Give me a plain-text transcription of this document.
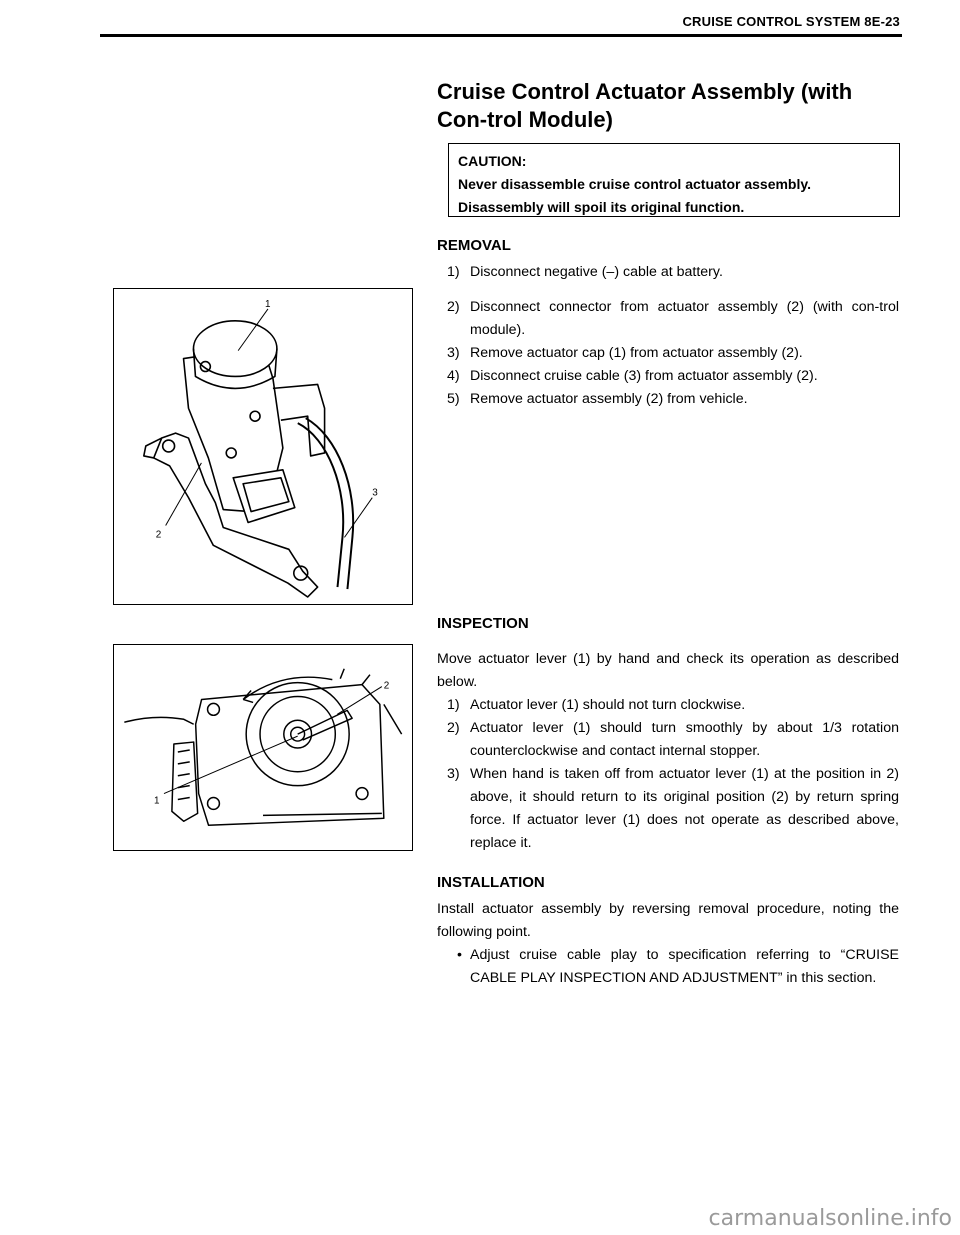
CRUISE CONTROL SYSTEM 8E-23
Cruise Control Actuator Assembly (with Con-trol Module)
CAUTION:
Never disassemble cruise control actuator assembly.
Disassembly will spoil its original function.
REMOVAL
1) Disconnect negative (–) cable at battery.
2) Disconnect connector from actuator assembly (2) (with con-trol module).
3) Remove actuator cap (1) from actuator assembly (2).
4) Disconnect cruise cable (3) from actuator assembly (2).
5) Remove actuator assembly (2) from vehicle.
1
2
3
INSPECTION

Move actuator lever (1) by hand and check its operation as described below.

1) Actuator lever (1) should not turn clockwise.
2) Actuator lever (1) should turn smoothly by about 1/3 rotation counterclockwise and contact internal stopper.
3) When hand is taken off from actuator lever (1) at the position in 2) above, it should return to its original position (2) by return spring force. If actuator lever (1) does not operate as described above, replace it.
2
1
INSTALLATION

Install actuator assembly by reversing removal procedure, noting the following point.

• Adjust cruise cable play to specification referring to “CRUISE CABLE PLAY INSPECTION AND ADJUSTMENT” in this section.
carmanualsonline.info
